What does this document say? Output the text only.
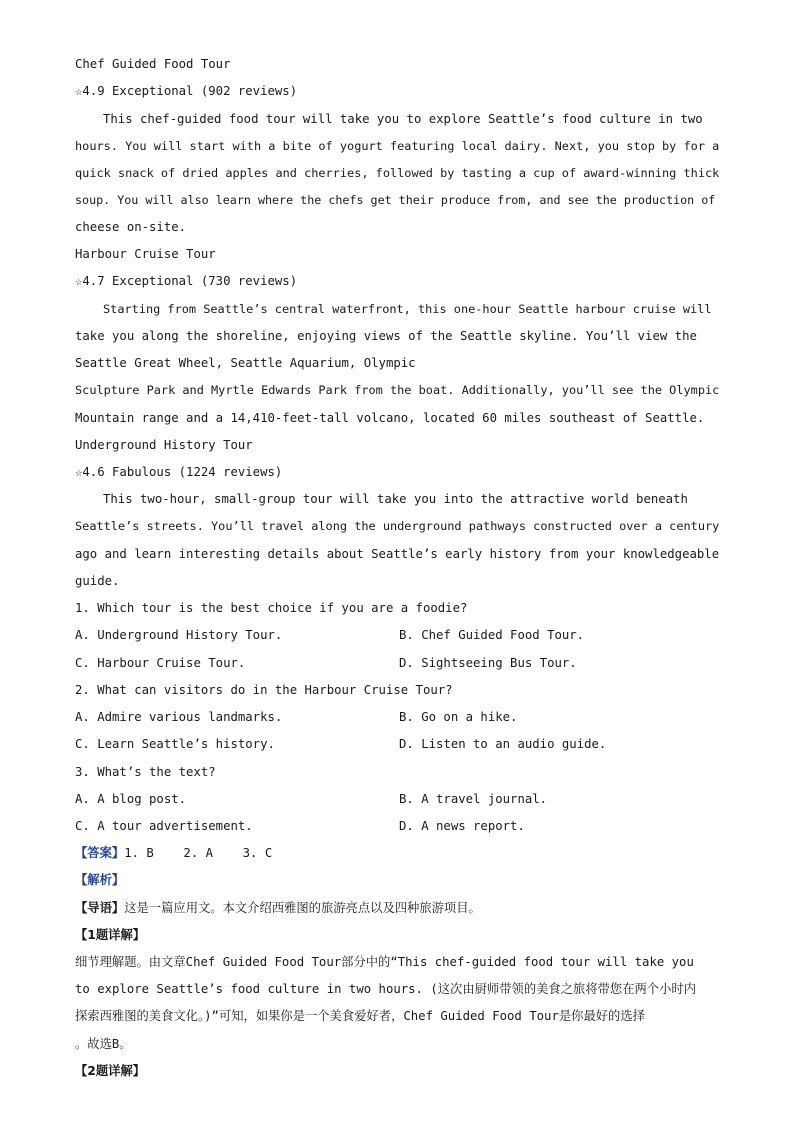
Chef Guided Food Tour
☆4.9 Exceptional (902 reviews)
This chef-guided food tour will take you to explore Seattle’s food culture in two
hours. You will start with a bite of yogurt featuring local dairy. Next, you stop by for a
quick snack of dried apples and cherries, followed by tasting a cup of award-winning thick
soup. You will also learn where the chefs get their produce from, and see the production of
cheese on-site.
Harbour Cruise Tour
☆4.7 Exceptional (730 reviews)
Starting from Seattle’s central waterfront, this one-hour Seattle harbour cruise will
take you along the shoreline, enjoying views of the Seattle skyline. You’ll view the
Seattle Great Wheel, Seattle Aquarium, Olympic
Sculpture Park and Myrtle Edwards Park from the boat. Additionally, you’ll see the Olympic
Mountain range and a 14,410-feet-tall volcano, located 60 miles southeast of Seattle.
Underground History Tour
☆4.6 Fabulous (1224 reviews)
This two-hour, small-group tour will take you into the attractive world beneath
Seattle’s streets. You’ll travel along the underground pathways constructed over a century
ago and learn interesting details about Seattle’s early history from your knowledgeable
guide.
1. Which tour is the best choice if you are a foodie?
A. Underground History Tour.	B. Chef Guided Food Tour.
C. Harbour Cruise Tour.	D. Sightseeing Bus Tour.
2. What can visitors do in the Harbour Cruise Tour?
A. Admire various landmarks.	B. Go on a hike.
C. Learn Seattle’s history.	D. Listen to an audio guide.
3. What’s the text?
A. A blog post.	B. A travel journal.
C. A tour advertisement.	D. A news report.
【答案】1. B    2. A    3. C
【解析】
【导语】这是一篇应用文。本文介绍西雅图的旅游亮点以及四种旅游项目。
【1题详解】
细节理解题。由文章Chef Guided Food Tour部分中的“This chef-guided food tour will take you
to explore Seattle’s food culture in two hours. (这次由厨师带领的美食之旅将带您在两个小时内
探索西雅图的美食文化。)”可知，如果你是一个美食爱好者，Chef Guided Food Tour是你最好的选择
。故选B。
【2题详解】
